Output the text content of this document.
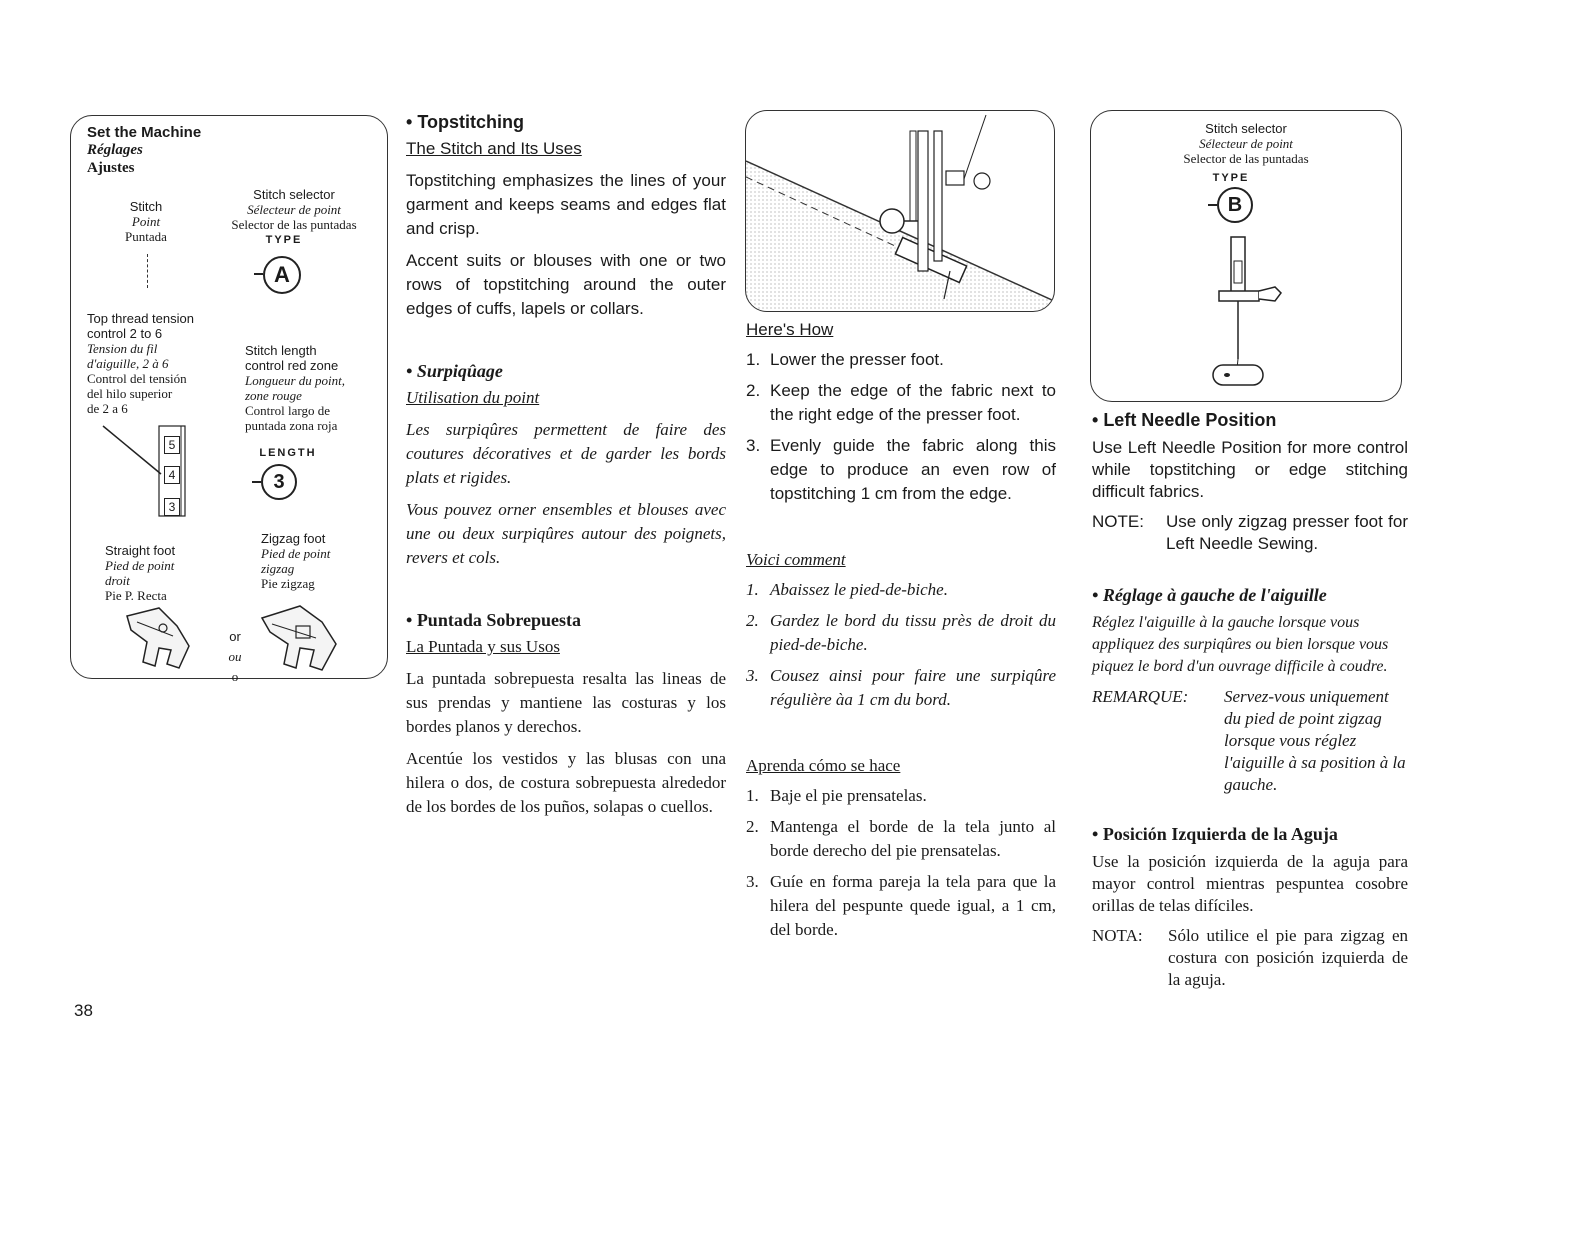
Set the Machine
Réglages
Ajustes
Stitch
Point
Puntada
Stitch selector
Sélecteur de point
Selector de las puntadas
TYPE
A
Top thread tension
control 2 to 6
Tension du fil
d'aiguille, 2 à 6
Control del tensión
del hilo superior
de 2 a 6
5
4
3
Stitch length
control red zone
Longueur du point,
zone rouge
Control largo de
puntada zona roja
LENGTH
3
Straight foot
Pied de point
droit
Pie P. Recta
or
ou
o
Zigzag foot
Pied de point
zigzag
Pie zigzag
• Topstitching
The Stitch and Its Uses

Topstitching emphasizes the lines of your garment and keeps seams and edges flat and crisp.

Accent suits or blouses with one or two rows of topstitching around the outer edges of cuffs, lapels or collars.

• Surpiqûage
Utilisation du point

Les surpiqûres permettent de faire des coutures décoratives et de garder les bords plats et rigides.

Vous pouvez orner ensembles et blouses avec une ou deux surpiqûres autour des poignets, revers et cols.

• Puntada Sobrepuesta
La Puntada y sus Usos

La puntada sobrepuesta resalta las lineas de sus prendas y mantiene las costuras y los bordes planos y derechos.

Acentúe los vestidos y las blusas con una hilera o dos, de costura sobrepuesta alrededor de los bordes de los puños, solapas o cuellos.

Here's How
1. Lower the presser foot.
2. Keep the edge of the fabric next to the right edge of the presser foot.
3. Evenly guide the fabric along this edge to produce an even row of topstitching 1 cm from the edge.
Voici comment
1. Abaissez le pied-de-biche.
2. Gardez le bord du tissu près de droit du pied-de-biche.
3. Cousez ainsi pour faire une surpiqûre régulière àa 1 cm du bord.
Aprenda cómo se hace
1. Baje el pie prensatelas.
2. Mantenga el borde de la tela junto al borde derecho del pie prensatelas.
3. Guíe en forma pareja la tela para que la hilera del pespunte quede igual, a 1 cm, del borde.
Stitch selector
Sélecteur de point
Selector de las puntadas
TYPE
B
• Left Needle Position

Use Left Needle Position for more control while topstitching or edge stitching difficult fabrics.

NOTE:	Use only zigzag presser foot for Left Needle Sewing.
• Réglage à gauche de l'aiguille

Réglez l'aiguille à la gauche lorsque vous appliquez des surpiqûres ou bien lorsque vous piquez le bord d'un ouvrage difficile à coudre.

REMARQUE:	Servez-vous uniquement du pied de point zigzag lorsque vous réglez l'aiguille à sa position à la gauche.
• Posición Izquierda de la Aguja

Use la posición izquierda de la aguja para mayor control mientras pespuntea cosobre orillas de telas difíciles.

NOTA:	Sólo utilice el pie para zigzag en costura con posición izquierda de la aguja.
38
